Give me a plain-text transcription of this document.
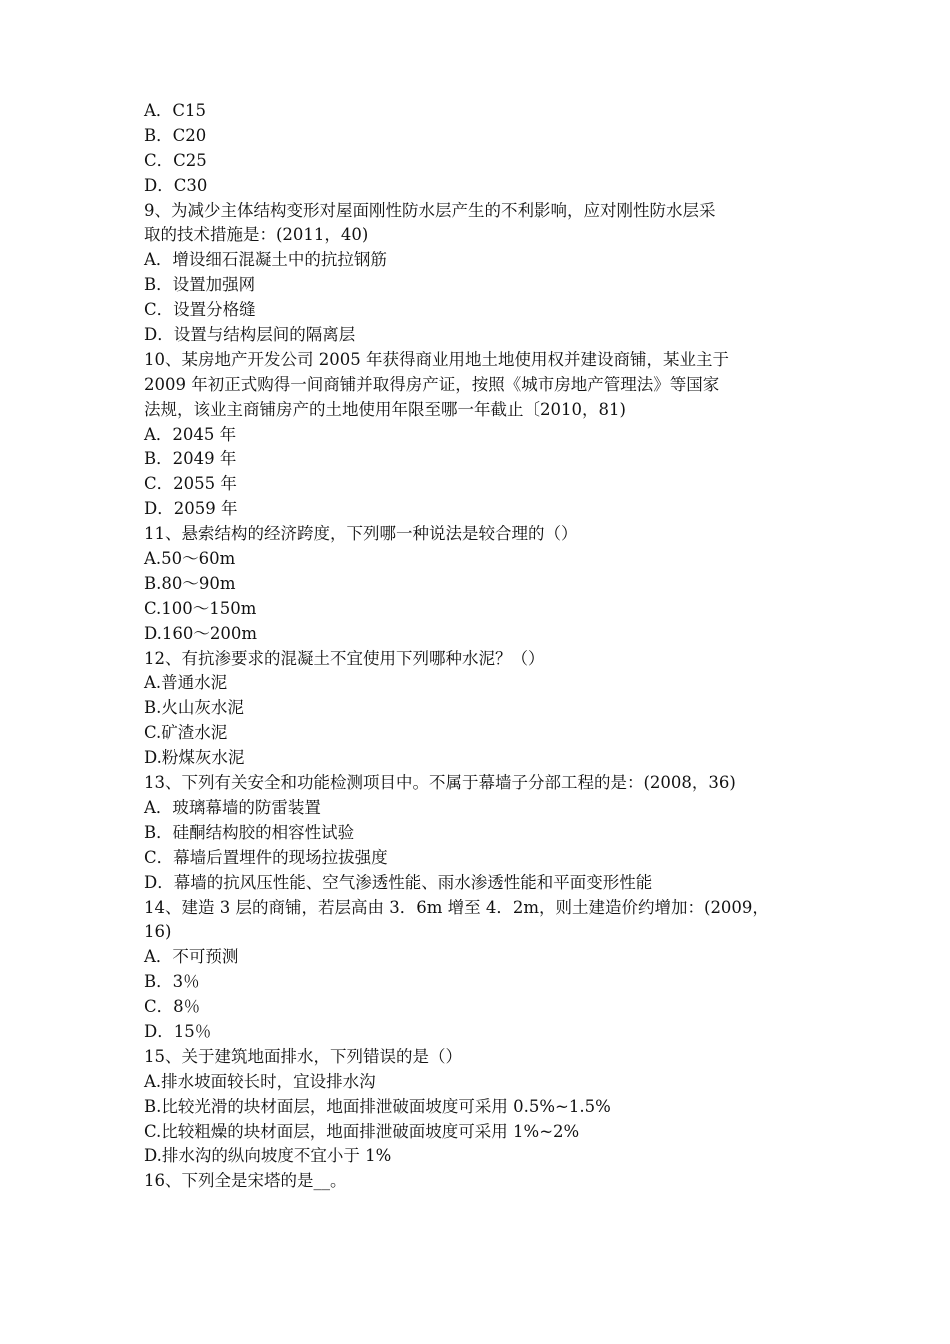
A．C15
B．C20
C．C25
D．C30
9、为减少主体结构变形对屋面刚性防水层产生的不利影响，应对刚性防水层采
取的技术措施是：(2011，40)
A．增设细石混凝土中的抗拉钢筋
B．设置加强网
C．设置分格缝
D．设置与结构层间的隔离层
10、某房地产开发公司 2005 年获得商业用地土地使用权并建设商铺，某业主于
2009 年初正式购得一间商铺并取得房产证，按照《城市房地产管理法》等国家
法规，该业主商铺房产的土地使用年限至哪一年截止〔2010，81)
A．2045 年
B．2049 年
C．2055 年
D．2059 年
11、悬索结构的经济跨度，下列哪一种说法是较合理的（）
A.50～60m
B.80～90m
C.100～150m
D.160～200m
12、有抗渗要求的混凝土不宜使用下列哪种水泥？（）
A.普通水泥
B.火山灰水泥
C.矿渣水泥
D.粉煤灰水泥
13、下列有关安全和功能检测项目中。不属于幕墙子分部工程的是：(2008，36)
A．玻璃幕墙的防雷装置
B．硅酮结构胶的相容性试验
C．幕墙后置埋件的现场拉拔强度
D．幕墙的抗风压性能、空气渗透性能、雨水渗透性能和平面变形性能
14、建造 3 层的商铺，若层高由 3．6m 增至 4．2m，则土建造价约增加：(2009，
16)
A．不可预测
B．3％
C．8％
D．15％
15、关于建筑地面排水，下列错误的是（）
A.排水坡面较长时，宜设排水沟
B.比较光滑的块材面层，地面排泄破面坡度可采用 0.5%~1.5%
C.比较粗燥的块材面层，地面排泄破面坡度可采用 1%~2%
D.排水沟的纵向坡度不宜小于 1%
16、下列全是宋塔的是__。
